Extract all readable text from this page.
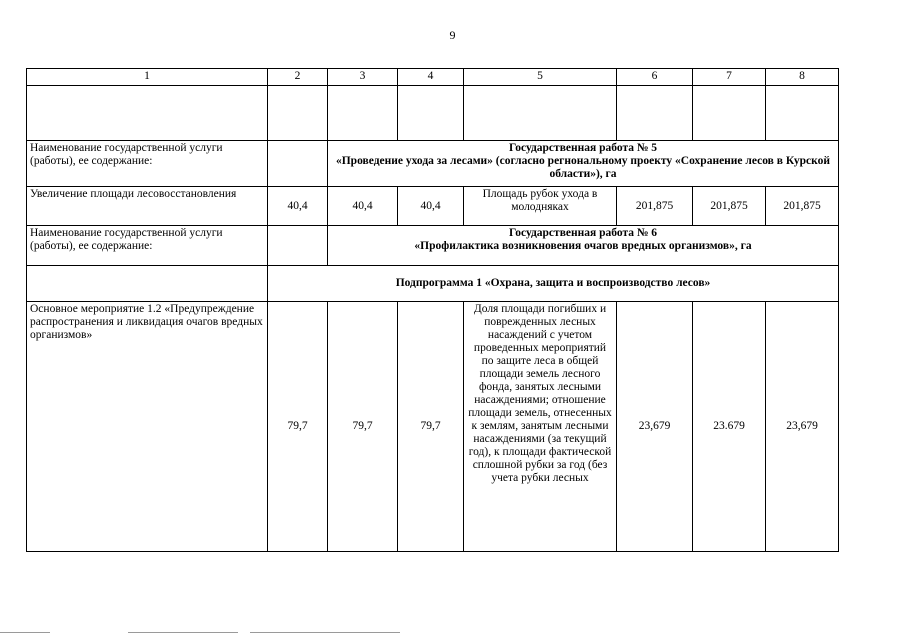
9
1	2	3	4	5	6	7	8

Наименование государственной услуги (работы), ее содержание:		Государственная работа № 5
«Проведение ухода за лесами» (согласно регнональному проекту «Сохранение лесов в Курской области»), га					

Увеличение площади лесовосстановления	40,4	40,4	40,4	Площадь рубок ухода в молодняках	201,875	201,875	201,875
Наименование государственной услуги (работы), ее содержание:		Государственная работа № 6
«Профилактика возникновения очагов вредных организмов», га					

	Подпрограмма 1 «Охрана, защита и воспроизводство лесов»						
Основное мероприятие 1.2 «Предупреждение распространения и ликвидация очагов вредных организмов»	79,7	79,7	79,7	Доля площади погибших и поврежденных лесных насаждений с учетом проведенных мероприятий по защите леса в общей площади земель лесного фонда, занятых лесными насаждениями; отношение площади земель, отнесенных к землям, занятым лесными насаждениями (за текущий год), к площади фактической сплошной рубки за год (без учета рубки лесных	23,679	23.679	23,679
